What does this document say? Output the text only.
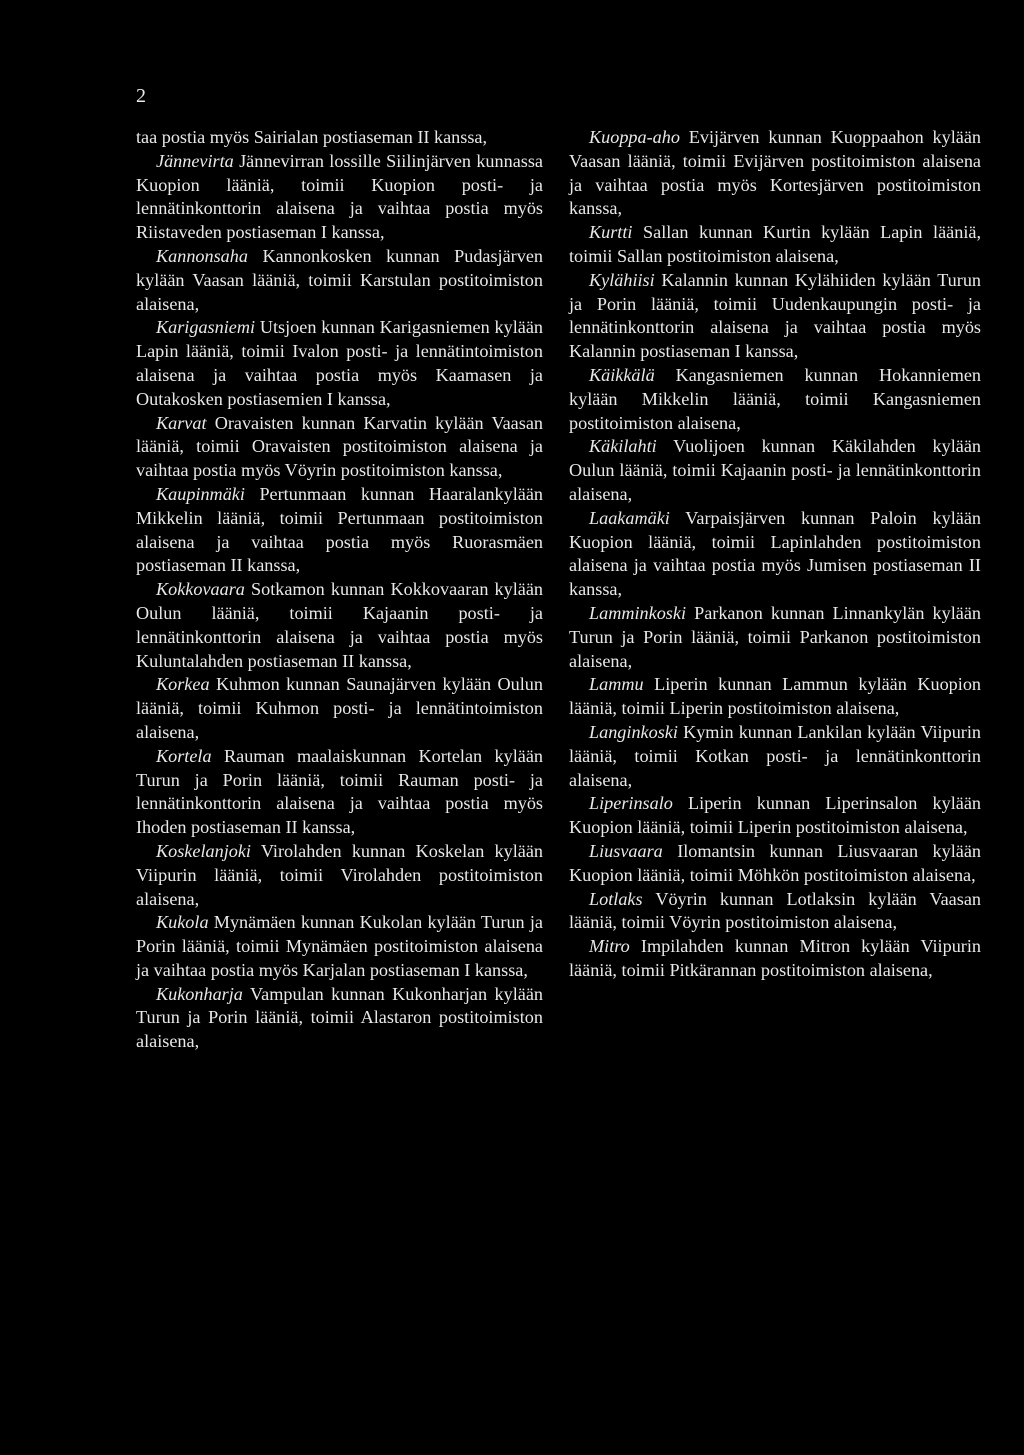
2

taa postia myös Sairialan postiaseman II kanssa,

Jännevirta Jännevirran lossille Siilinjärven kunnassa Kuopion lääniä, toimii Kuopion posti- ja lennätinkonttorin alaisena ja vaihtaa postia myös Riistaveden postiaseman I kanssa,

Kannonsaha Kannonkosken kunnan Pudasjärven kylään Vaasan lääniä, toimii Karstulan postitoimiston alaisena,

Karigasniemi Utsjoen kunnan Karigasniemen kylään Lapin lääniä, toimii Ivalon posti- ja lennätintoimiston alaisena ja vaihtaa postia myös Kaamasen ja Outakosken postiasemien I kanssa,

Karvat Oravaisten kunnan Karvatin kylään Vaasan lääniä, toimii Oravaisten postitoimiston alaisena ja vaihtaa postia myös Vöyrin postitoimiston kanssa,

Kaupinmäki Pertunmaan kunnan Haaralankylään Mikkelin lääniä, toimii Pertunmaan postitoimiston alaisena ja vaihtaa postia myös Ruorasmäen postiaseman II kanssa,

Kokkovaara Sotkamon kunnan Kokkovaaran kylään Oulun lääniä, toimii Kajaanin posti- ja lennätinkonttorin alaisena ja vaihtaa postia myös Kuluntalahden postiaseman II kanssa,

Korkea Kuhmon kunnan Saunajärven kylään Oulun lääniä, toimii Kuhmon posti- ja lennätintoimiston alaisena,

Kortela Rauman maalaiskunnan Kortelan kylään Turun ja Porin lääniä, toimii Rauman posti- ja lennätinkonttorin alaisena ja vaihtaa postia myös Ihoden postiaseman II kanssa,

Koskelanjoki Virolahden kunnan Koskelan kylään Viipurin lääniä, toimii Virolahden postitoimiston alaisena,

Kukola Mynämäen kunnan Kukolan kylään Turun ja Porin lääniä, toimii Mynämäen postitoimiston alaisena ja vaihtaa postia myös Karjalan postiaseman I kanssa,

Kukonharja Vampulan kunnan Kukonharjan kylään Turun ja Porin lääniä, toimii Alastaron postitoimiston alaisena,

Kuoppa-aho Evijärven kunnan Kuoppaahon kylään Vaasan lääniä, toimii Evijärven postitoimiston alaisena ja vaihtaa postia myös Kortesjärven postitoimiston kanssa,

Kurtti Sallan kunnan Kurtin kylään Lapin lääniä, toimii Sallan postitoimiston alaisena,

Kylähiisi Kalannin kunnan Kylähiiden kylään Turun ja Porin lääniä, toimii Uudenkaupungin posti- ja lennätinkonttorin alaisena ja vaihtaa postia myös Kalannin postiaseman I kanssa,

Käikkälä Kangasniemen kunnan Hokanniemen kylään Mikkelin lääniä, toimii Kangasniemen postitoimiston alaisena,

Käkilahti Vuolijoen kunnan Käkilahden kylään Oulun lääniä, toimii Kajaanin posti- ja lennätinkonttorin alaisena,

Laakamäki Varpaisjärven kunnan Paloin kylään Kuopion lääniä, toimii Lapinlahden postitoimiston alaisena ja vaihtaa postia myös Jumisen postiaseman II kanssa,

Lamminkoski Parkanon kunnan Linnankylän kylään Turun ja Porin lääniä, toimii Parkanon postitoimiston alaisena,

Lammu Liperin kunnan Lammun kylään Kuopion lääniä, toimii Liperin postitoimiston alaisena,

Langinkoski Kymin kunnan Lankilan kylään Viipurin lääniä, toimii Kotkan posti- ja lennätinkonttorin alaisena,

Liperinsalo Liperin kunnan Liperinsalon kylään Kuopion lääniä, toimii Liperin postitoimiston alaisena,

Liusvaara Ilomantsin kunnan Liusvaaran kylään Kuopion lääniä, toimii Möhkön postitoimiston alaisena,

Lotlaks Vöyrin kunnan Lotlaksin kylään Vaasan lääniä, toimii Vöyrin postitoimiston alaisena,

Mitro Impilahden kunnan Mitron kylään Viipurin lääniä, toimii Pitkärannan postitoimiston alaisena,
